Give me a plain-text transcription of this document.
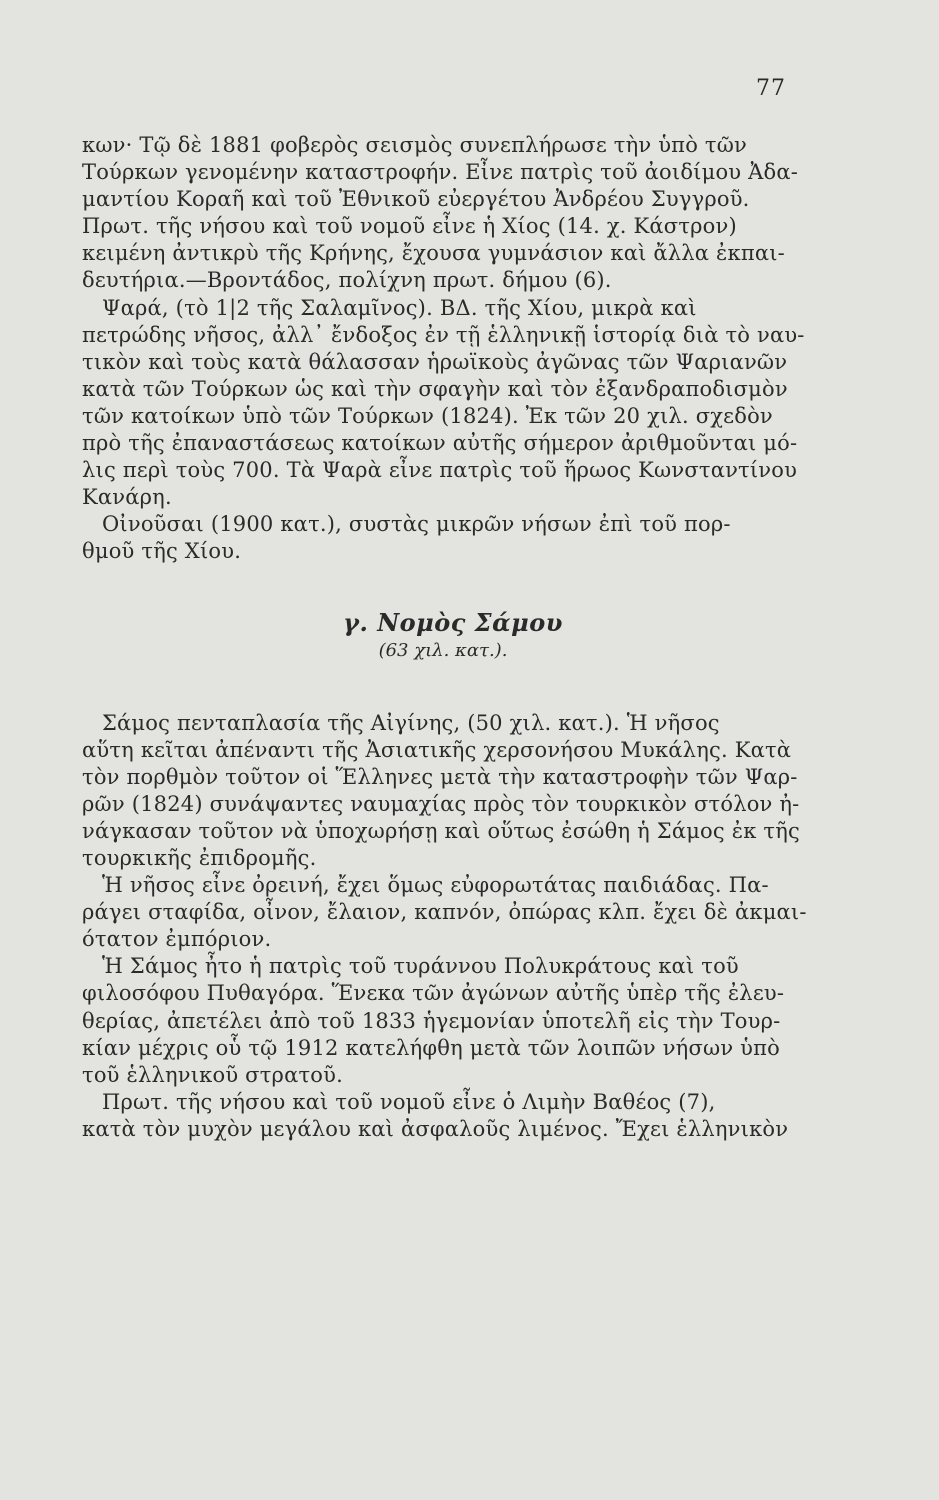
77
κων· Τῷ δὲ 1881 φοβερὸς σεισμὸς συνεπλήρωσε τὴν ὑπὸ τῶν
Τούρκων γενομένην καταστροφήν. Εἶνε πατρὶς τοῦ ἀοιδίμου Ἀδα-
μαντίου Κοραῆ καὶ τοῦ Ἐθνικοῦ εὐεργέτου Ἀνδρέου Συγγροῦ.
Πρωτ. τῆς νήσου καὶ τοῦ νομοῦ εἶνε ἡ Χίος (14. χ. Κάστρον)
κειμένη ἀντικρὺ τῆς Κρήνης, ἔχουσα γυμνάσιον καὶ ἄλλα ἐκπαι-
δευτήρια.—Βροντάδος, πολίχνη πρωτ. δήμου (6).
Ψαρά, (τὸ 1|2 τῆς Σαλαμῖνος). ΒΔ. τῆς Χίου, μικρὰ καὶ
πετρώδης νῆσος, ἀλλ᾽ ἔνδοξος ἐν τῇ ἑλληνικῇ ἱστορίᾳ διὰ τὸ ναυ-
τικὸν καὶ τοὺς κατὰ θάλασσαν ἡρωϊκοὺς ἀγῶνας τῶν Ψαριανῶν
κατὰ τῶν Τούρκων ὡς καὶ τὴν σφαγὴν καὶ τὸν ἐξανδραποδισμὸν
τῶν κατοίκων ὑπὸ τῶν Τούρκων (1824). Ἐκ τῶν 20 χιλ. σχεδὸν
πρὸ τῆς ἐπαναστάσεως κατοίκων αὐτῆς σήμερον ἀριθμοῦνται μό-
λις περὶ τοὺς 700. Τὰ Ψαρὰ εἶνε πατρὶς τοῦ ἥρωος Κωνσταντίνου
Κανάρη.
Οἰνοῦσαι (1900 κατ.), συστὰς μικρῶν νήσων ἐπὶ τοῦ πορ-
θμοῦ τῆς Χίου.
γ. Νομὸς Σάμου
(63 χιλ. κατ.).
Σάμος πενταπλασία τῆς Αἰγίνης, (50 χιλ. κατ.). Ἡ νῆσος
αὕτη κεῖται ἀπέναντι τῆς Ἀσιατικῆς χερσονήσου Μυκάλης. Κατὰ
τὸν πορθμὸν τοῦτον οἱ Ἕλληνες μετὰ τὴν καταστροφὴν τῶν Ψαρ-
ρῶν (1824) συνάψαντες ναυμαχίας πρὸς τὸν τουρκικὸν στόλον ἠ-
νάγκασαν τοῦτον νὰ ὑποχωρήσῃ καὶ οὕτως ἐσώθη ἡ Σάμος ἐκ τῆς
τουρκικῆς ἐπιδρομῆς.
Ἡ νῆσος εἶνε ὀρεινή, ἔχει ὅμως εὐφορωτάτας παιδιάδας. Πα-
ράγει σταφίδα, οἶνον, ἔλαιον, καπνόν, ὀπώρας κλπ. ἔχει δὲ ἀκμαι-
ότατον ἐμπόριον.
Ἡ Σάμος ἦτο ἡ πατρὶς τοῦ τυράννου Πολυκράτους καὶ τοῦ
φιλοσόφου Πυθαγόρα. Ἕνεκα τῶν ἀγώνων αὐτῆς ὑπὲρ τῆς ἐλευ-
θερίας, ἀπετέλει ἀπὸ τοῦ 1833 ἡγεμονίαν ὑποτελῆ εἰς τὴν Τουρ-
κίαν μέχρις οὗ τῷ 1912 κατελήφθη μετὰ τῶν λοιπῶν νήσων ὑπὸ
τοῦ ἑλληνικοῦ στρατοῦ.
Πρωτ. τῆς νήσου καὶ τοῦ νομοῦ εἶνε ὁ Λιμὴν Βαθέος (7),
κατὰ τὸν μυχὸν μεγάλου καὶ ἀσφαλοῦς λιμένος. Ἔχει ἑλληνικὸν
